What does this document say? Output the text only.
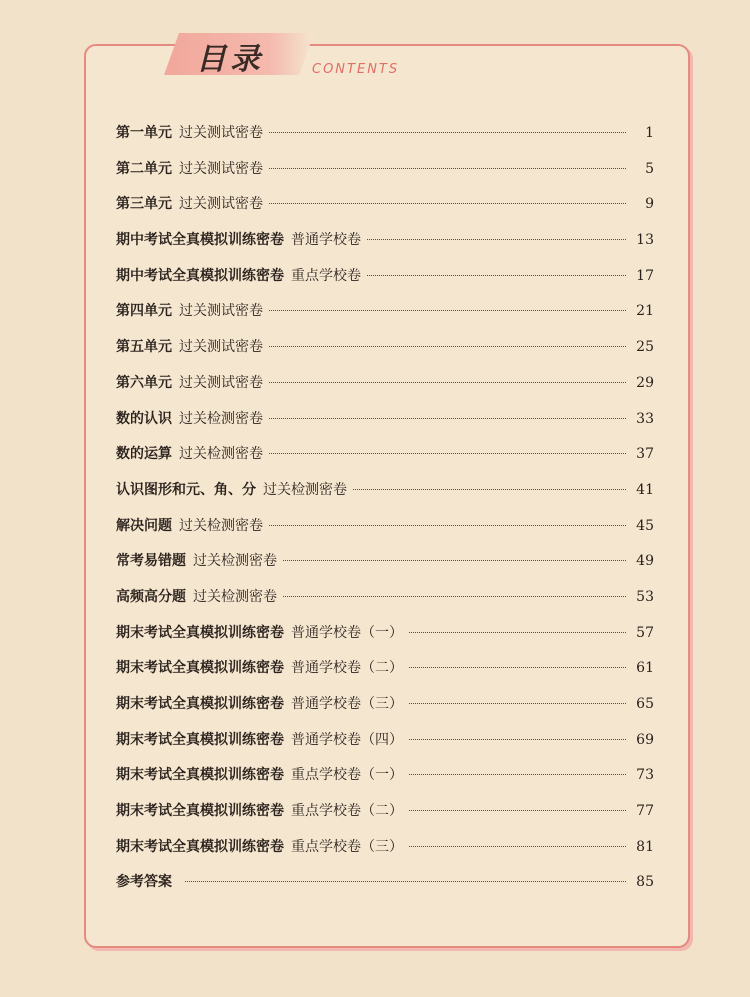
目录	CONTENTS
第一单元 过关测试密卷	1
第二单元 过关测试密卷	5
第三单元 过关测试密卷	9
期中考试全真模拟训练密卷 普通学校卷	13
期中考试全真模拟训练密卷 重点学校卷	17
第四单元 过关测试密卷	21
第五单元 过关测试密卷	25
第六单元 过关测试密卷	29
数的认识 过关检测密卷	33
数的运算 过关检测密卷	37
认识图形和元、角、分 过关检测密卷	41
解决问题 过关检测密卷	45
常考易错题 过关检测密卷	49
高频高分题 过关检测密卷	53
期末考试全真模拟训练密卷 普通学校卷（一）	57
期末考试全真模拟训练密卷 普通学校卷（二）	61
期末考试全真模拟训练密卷 普通学校卷（三）	65
期末考试全真模拟训练密卷 普通学校卷（四）	69
期末考试全真模拟训练密卷 重点学校卷（一）	73
期末考试全真模拟训练密卷 重点学校卷（二）	77
期末考试全真模拟训练密卷 重点学校卷（三）	81
参考答案	85
